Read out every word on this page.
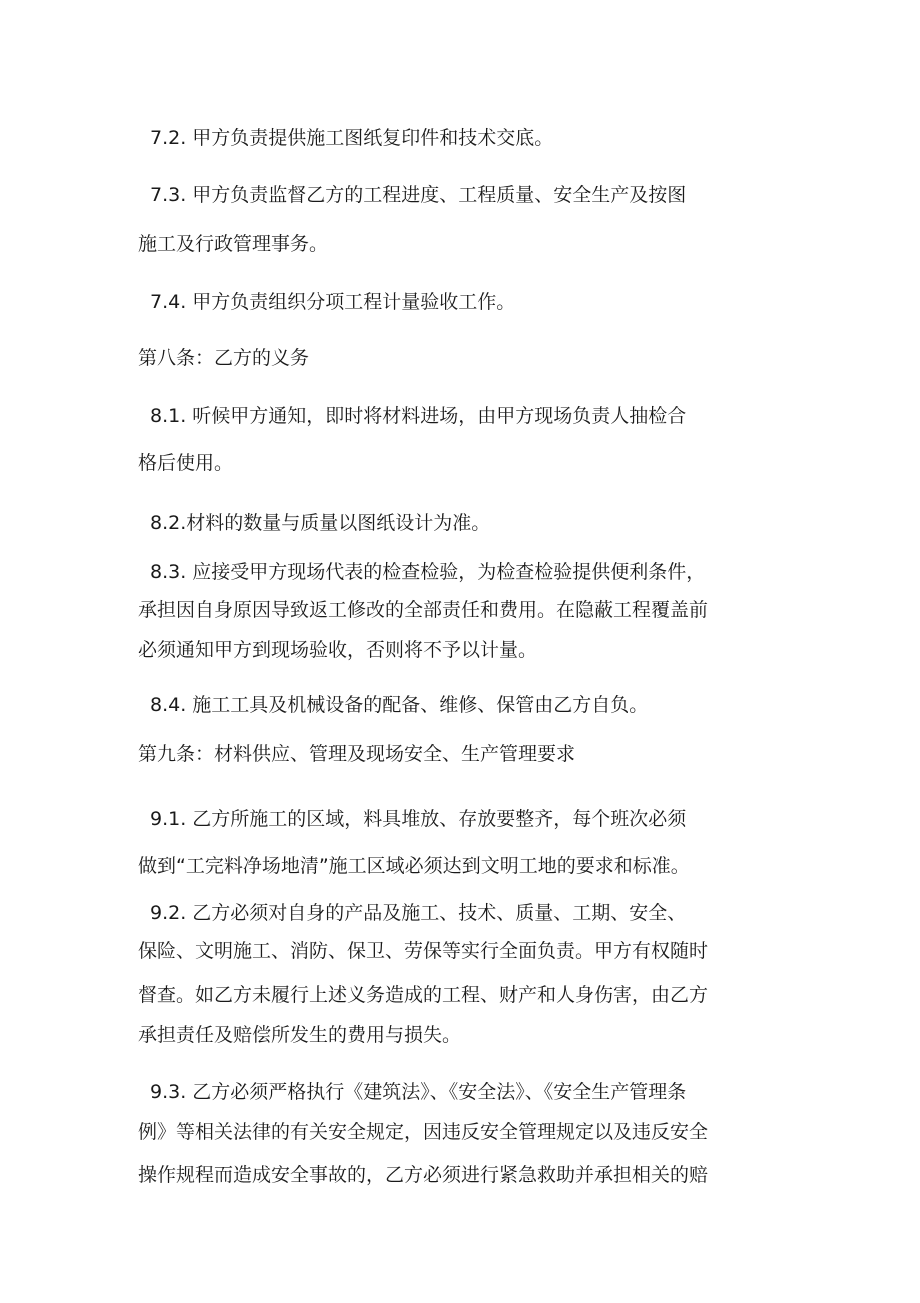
7.2. 甲方负责提供施工图纸复印件和技术交底。
7.3. 甲方负责监督乙方的工程进度、工程质量、安全生产及按图
施工及行政管理事务。
7.4. 甲方负责组织分项工程计量验收工作。
第八条：乙方的义务
8.1. 听候甲方通知，即时将材料进场，由甲方现场负责人抽检合
格后使用。
8.2.材料的数量与质量以图纸设计为准。
8.3. 应接受甲方现场代表的检查检验，为检查检验提供便利条件，
承担因自身原因导致返工修改的全部责任和费用。在隐蔽工程覆盖前
必须通知甲方到现场验收，否则将不予以计量。
8.4. 施工工具及机械设备的配备、维修、保管由乙方自负。
第九条：材料供应、管理及现场安全、生产管理要求
9.1. 乙方所施工的区域，料具堆放、存放要整齐，每个班次必须
做到“工完料净场地清”施工区域必须达到文明工地的要求和标准。
9.2. 乙方必须对自身的产品及施工、技术、质量、工期、安全、
保险、文明施工、消防、保卫、劳保等实行全面负责。甲方有权随时
督查。如乙方未履行上述义务造成的工程、财产和人身伤害，由乙方
承担责任及赔偿所发生的费用与损失。
9.3. 乙方必须严格执行《建筑法》、《安全法》、《安全生产管理条
例》等相关法律的有关安全规定，因违反安全管理规定以及违反安全
操作规程而造成安全事故的，乙方必须进行紧急救助并承担相关的赔
